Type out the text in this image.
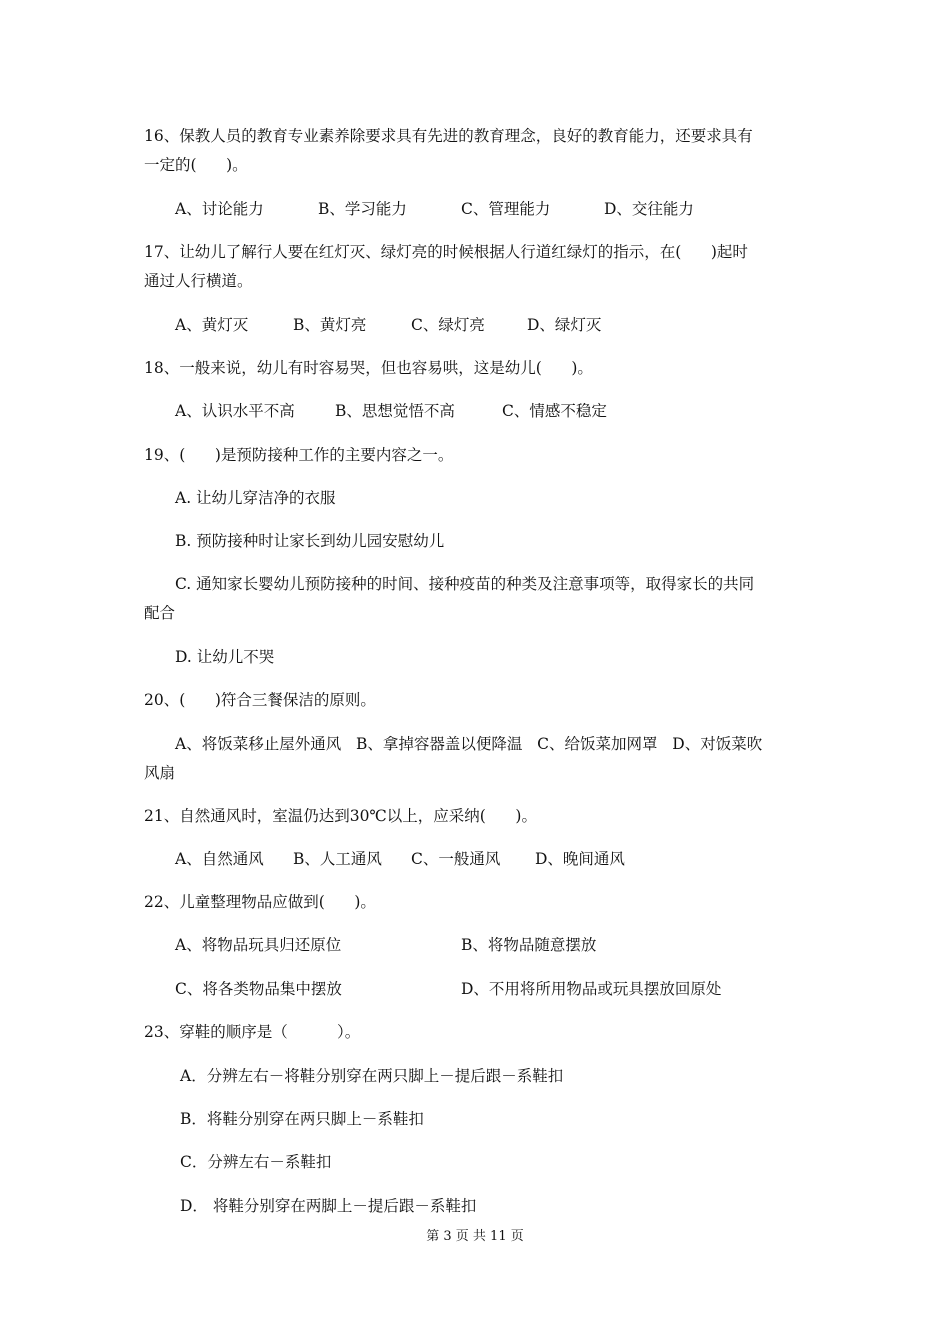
16、保教人员的教育专业素养除要求具有先进的教育理念，良好的教育能力，还要求具有
一定的(      )。
A、讨论能力	B、学习能力	C、管理能力	D、交往能力
17、让幼儿了解行人要在红灯灭、绿灯亮的时候根据人行道红绿灯的指示，在(      )起时
通过人行横道。
A、黄灯灭	B、黄灯亮	C、绿灯亮	D、绿灯灭
18、一般来说，幼儿有时容易哭，但也容易哄，这是幼儿(      )。
A、认识水平不高	B、思想觉悟不高	C、情感不稳定
19、(      )是预防接种工作的主要内容之一。
A. 让幼儿穿洁净的衣服
B. 预防接种时让家长到幼儿园安慰幼儿
C. 通知家长婴幼儿预防接种的时间、接种疫苗的种类及注意事项等，取得家长的共同
配合
D. 让幼儿不哭
20、(      )符合三餐保洁的原则。
A、将饭菜移止屋外通风   B、拿掉容器盖以便降温   C、给饭菜加网罩   D、对饭菜吹
风扇
21、自然通风时，室温仍达到30℃以上，应采纳(      )。
A、自然通风 B、人工通风 C、一般通风 D、晚间通风
22、儿童整理物品应做到(      )。
A、将物品玩具归还原位	B、将物品随意摆放
C、将各类物品集中摆放	D、不用将所用物品或玩具摆放回原处
23、穿鞋的顺序是（          ）。
A．分辨左右－将鞋分别穿在两只脚上－提后跟－系鞋扣
B．将鞋分别穿在两只脚上－系鞋扣
C．分辨左右－系鞋扣
D． 将鞋分别穿在两脚上－提后跟－系鞋扣
第 3 页 共 11 页
